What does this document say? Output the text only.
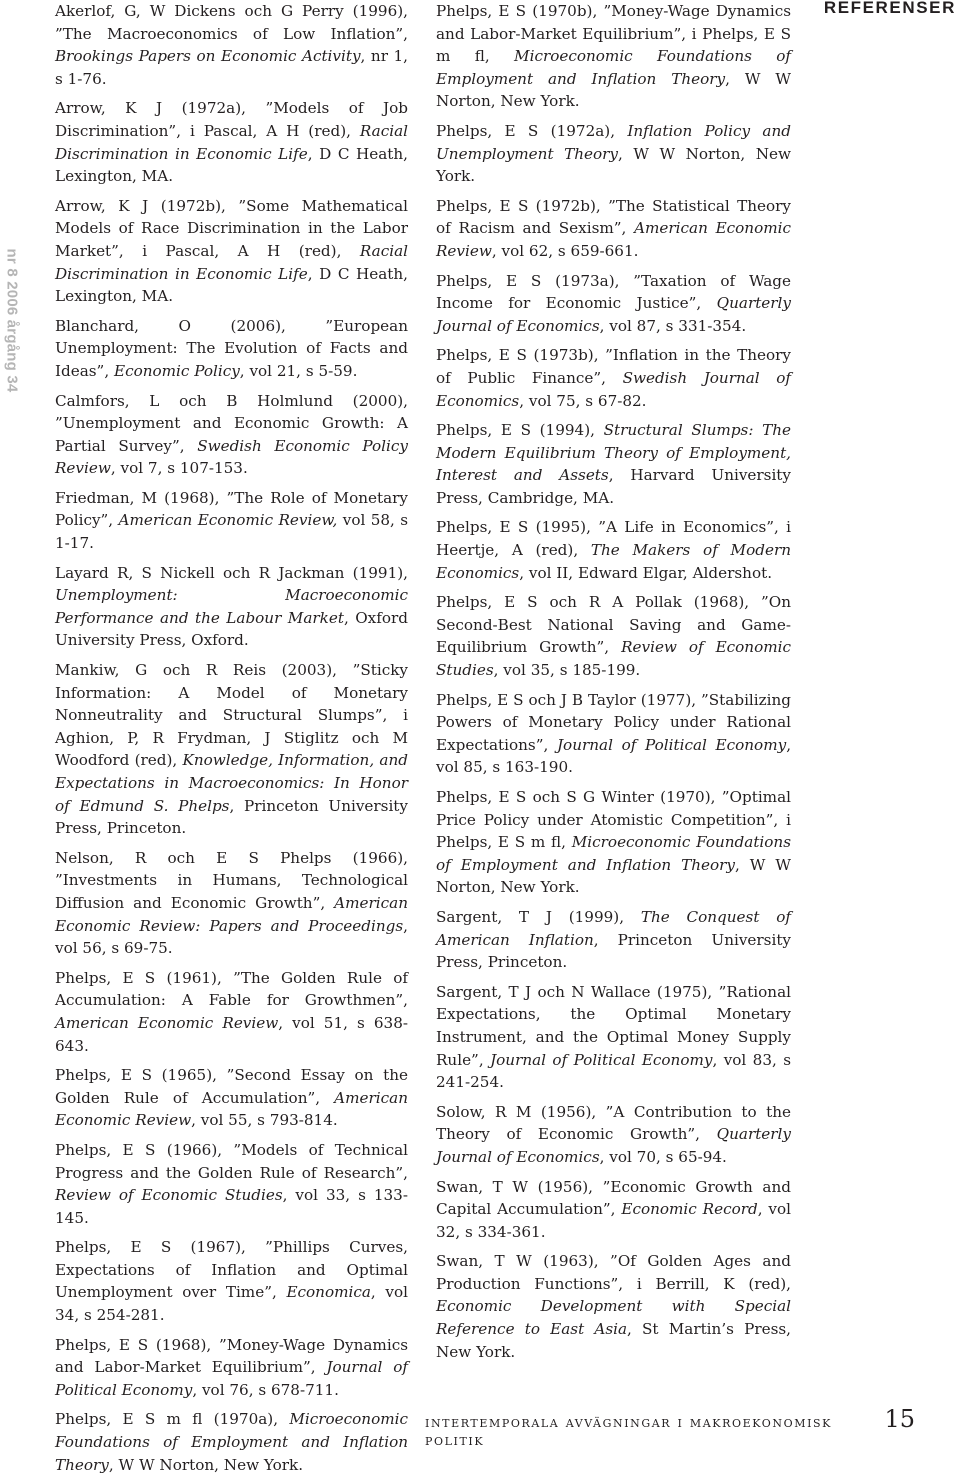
nr 8 2006 årgång 34
REFERENSER

Akerlof, G, W Dickens och G Perry (1996), ”The Macroeconomics of Low Inflation”, Brookings Papers on Economic Activity, nr 1, s 1-76.

Arrow, K J (1972a), ”Models of Job Discrimination”, i Pascal, A H (red), Racial Discrimination in Economic Life, D C Heath, Lexington, MA.

Arrow, K J (1972b), ”Some Mathematical Models of Race Discrimination in the Labor Market”, i Pascal, A H (red), Racial Discrimination in Economic Life, D C Heath, Lexington, MA.

Blanchard, O (2006), ”European Unemployment: The Evolution of Facts and Ideas”, Economic Policy, vol 21, s 5-59.

Calmfors, L och B Holmlund (2000), ”Unemployment and Economic Growth: A Partial Survey”, Swedish Economic Policy Review, vol 7, s 107-153.

Friedman, M (1968), ”The Role of Monetary Policy”, American Economic Review, vol 58, s 1-17.

Layard R, S Nickell och R Jackman (1991), Unemployment: Macroeconomic Performance and the Labour Market, Oxford University Press, Oxford.

Mankiw, G och R Reis (2003), ”Sticky Information: A Model of Monetary Nonneutrality and Structural Slumps”, i Aghion, P, R Frydman, J Stiglitz och M Woodford (red), Knowledge, Information, and Expectations in Macroeconomics: In Honor of Edmund S. Phelps, Princeton University Press, Princeton.

Nelson, R och E S Phelps (1966), ”Investments in Humans, Technological Diffusion and Economic Growth”, American Economic Review: Papers and Proceedings, vol 56, s 69-75.

Phelps, E S (1961), ”The Golden Rule of Accumulation: A Fable for Growthmen”, American Economic Review, vol 51, s 638-643.

Phelps, E S (1965), ”Second Essay on the Golden Rule of Accumulation”, American Economic Review, vol 55, s 793-814.

Phelps, E S (1966), ”Models of Technical Progress and the Golden Rule of Research”, Review of Economic Studies, vol 33, s 133-145.

Phelps, E S (1967), ”Phillips Curves, Expectations of Inflation and Optimal Unemployment over Time”, Economica, vol 34, s 254-281.

Phelps, E S (1968), ”Money-Wage Dynamics and Labor-Market Equilibrium”, Journal of Political Economy, vol 76, s 678-711.

Phelps, E S m fl (1970a), Microeconomic Foundations of Employment and Inflation Theory, W W Norton, New York.

Phelps, E S (1970b), ”Money-Wage Dynamics and Labor-Market Equilibrium”, i Phelps, E S m fl, Microeconomic Foundations of Employment and Inflation Theory, W W Norton, New York.

Phelps, E S (1972a), Inflation Policy and Unemployment Theory, W W Norton, New York.

Phelps, E S (1972b), ”The Statistical Theory of Racism and Sexism”, American Economic Review, vol 62, s 659-661.

Phelps, E S (1973a), ”Taxation of Wage Income for Economic Justice”, Quarterly Journal of Economics, vol 87, s 331-354.

Phelps, E S (1973b), ”Inflation in the Theory of Public Finance”, Swedish Journal of Economics, vol 75, s 67-82.

Phelps, E S (1994), Structural Slumps: The Modern Equilibrium Theory of Employment, Interest and Assets, Harvard University Press, Cambridge, MA.

Phelps, E S (1995), ”A Life in Economics”, i Heertje, A (red), The Makers of Modern Economics, vol II, Edward Elgar, Aldershot.

Phelps, E S och R A Pollak (1968), ”On Second-Best National Saving and Game-Equilibrium Growth”, Review of Economic Studies, vol 35, s 185-199.

Phelps, E S och J B Taylor (1977), ”Stabilizing Powers of Monetary Policy under Rational Expectations”, Journal of Political Economy, vol 85, s 163-190.

Phelps, E S och S G Winter (1970), ”Optimal Price Policy under Atomistic Competition”, i Phelps, E S m fl, Microeconomic Foundations of Employment and Inflation Theory, W W Norton, New York.

Sargent, T J (1999), The Conquest of American Inflation, Princeton University Press, Princeton.

Sargent, T J och N Wallace (1975), ”Rational Expectations, the Optimal Monetary Instrument, and the Optimal Money Supply Rule”, Journal of Political Economy, vol 83, s 241-254.

Solow, R M (1956), ”A Contribution to the Theory of Economic Growth”, Quarterly Journal of Economics, vol 70, s 65-94.

Swan, T W (1956), ”Economic Growth and Capital Accumulation”, Economic Record, vol 32, s 334-361.

Swan, T W (1963), ”Of Golden Ages and Production Functions”, i Berrill, K (red), Economic Development with Special Reference to East Asia, St Martin’s Press, New York.

intertemporala avvägningar i makroekonomisk politik
15
